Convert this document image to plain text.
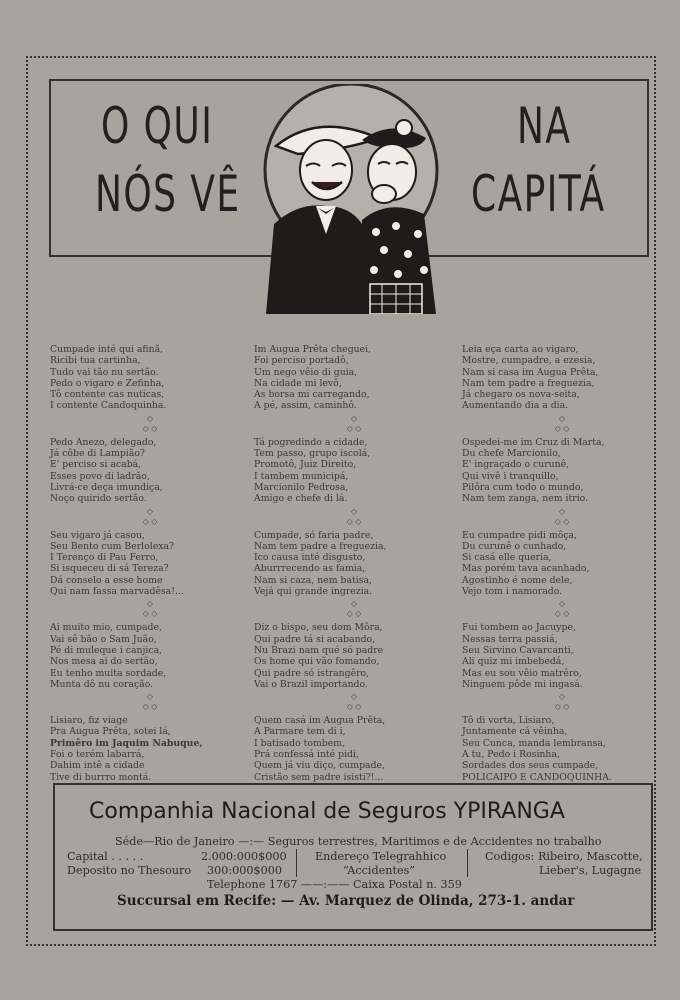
O QUI
NÓS VÊ
NA
CAPITÁ
Cumpade inté qui afinã,
Ricibi tua cartinha,
Tudo vai tão nu sertão.
Pedo o vigaro e Zefinha,
Tô contente cas nuticas,
I contente Candoquinha.
◇
◇ ◇
Pedo Anezo, delegado,
Já côbe di Lampião?
E' perciso si acabá,
Esses povo di ladrão,
Livrá-ce deça imundiça,
Noço quirido sertão.
◇
◇ ◇
Seu vigaro já casou,
Seu Bento cum Berlolexa?
I Terenço di Pau Ferro,
Si isqueceu di sá Tereza?
Dá conselo a esse home
Qui nam fassa marvadêsa!...
◇
◇ ◇
Ai muito mio, cumpade,
Vai sê bão o Sam Juão,
Pé di muleque i canjica,
Nos mesa ai do sertão,
Eu tenho muita sordade,
Munta dô nu coração.
◇
◇ ◇
Lisiaro, fiz viage
Pra Augua Prêta, sotei lá,
Primêro im Jaquim Nabuque,
Foi o terém labarrá,
Dahim intê a cidade
Tive di burrro montá.
Im Augua Prêta cheguei,
Foi perciso portadô,
Um nego vêio di guia,
Na cidade mi levô,
As borsa mi carregando,
A pé, assim, caminhô.
◇
◇ ◇
Tá pogredindo a cidade,
Tem passo, grupo iscolá,
Promotô, Juiz Direito,
I tambem municipá,
Marcionilo Pedrosa,
Amigo e chefe di lá.
◇
◇ ◇
Cumpade, só faria padre,
Nam tem padre a freguezia,
Ico causa inté disgusto,
Aburrrecendo as famia,
Nam si caza, nem batisa,
Vejá qui grande ingrezia.
◇
◇ ◇
Diz o bispo, seu dom Môra,
Qui padre tá si acabando,
Nu Brazi nam qué só padre
Os home qui vão fomando,
Qui padre só istrangêro,
Vai o Brazil importando.
◇
◇ ◇
Quem casá im Augua Prêta,
A Parmare tem di i,
I batisado tombem,
Prá confessá inté pidi,
Quem já viu diço, cumpade,
Cristão sem padre isisti?!...
Leia eça carta ao vigaro,
Mostre, cumpadre, a ezesia,
Nam si casa im Augua Prêta,
Nam tem padre a freguezia,
Já chegaro os nova-seita,
Aumentando dia a dia.
◇
◇ ◇
Ospedei-me im Cruz di Marta,
Du chefe Marcionilo,
E' ingraçado o curunê,
Qui vivê i tranquillo,
Pilôra cum todo o mundo,
Nam tem zanga, nem itrio.
◇
◇ ◇
Eu cumpadre pidi môça,
Du curunê o cunhado,
Si casá elle queria,
Mas porém tava acanhado,
Agostinho é nome dele,
Vejo tom i namorado.
◇
◇ ◇
Fui tombem ao Jacuype,
Nessas terra passiá,
Seu Sirvino Cavarcanti,
Ali quiz mi imbebedá,
Mas eu sou vêio matrêro,
Ninguem pôde mi ingasá.
◇
◇ ◇
Tô di vorta, Lisiaro,
Juntamente cá vêinha,
Seu Cunca, manda lembransa,
A tu, Pedo i Rosinha,
Sordades dos seus cumpade,
POLICAIPO E CANDOQUINHA.
Companhia Nacional de Seguros YPIRANGA
Séde—Rio de Janeiro —:— Seguros terrestres, Maritimos e de Accidentes no trabalho
Capital . . . . .	2.000:000$000
Deposito no Thesouro 300:000$000
Endereço Telegrahhico
“Accidentes”
Codigos: Ribeiro, Mascotte,
Lieber's, Lugagne
Telephone 1767 ——:—— Caixa Postal n. 359
Succursal em Recife: — Av. Marquez de Olinda, 273-1. andar
